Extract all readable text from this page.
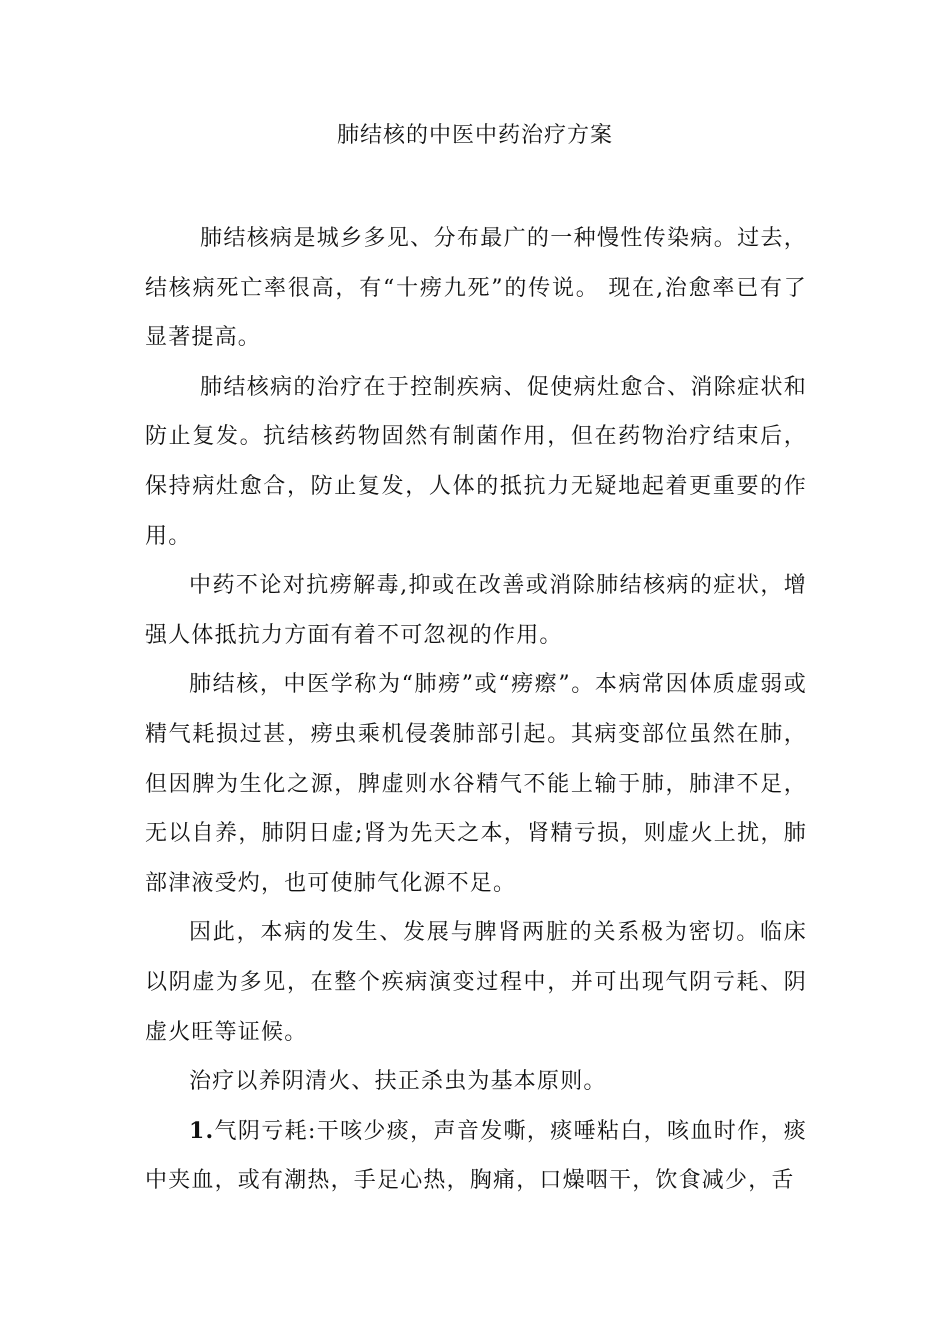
肺结核的中医中药治疗方案

肺结核病是城乡多见、分布最广的一种慢性传染病。过去，结核病死亡率很高，有“十痨九死”的传说。 现在,治愈率已有了显著提高。

肺结核病的治疗在于控制疾病、促使病灶愈合、消除症状和防止复发。抗结核药物固然有制菌作用，但在药物治疗结束后，保持病灶愈合，防止复发，人体的抵抗力无疑地起着更重要的作用。

中药不论对抗痨解毒,抑或在改善或消除肺结核病的症状，增强人体抵抗力方面有着不可忽视的作用。

肺结核，中医学称为“肺痨”或“痨瘵”。本病常因体质虚弱或精气耗损过甚，痨虫乘机侵袭肺部引起。其病变部位虽然在肺，但因脾为生化之源，脾虚则水谷精气不能上输于肺，肺津不足，无以自养，肺阴日虚;肾为先天之本，肾精亏损，则虚火上扰，肺部津液受灼，也可使肺气化源不足。

因此，本病的发生、发展与脾肾两脏的关系极为密切。临床以阴虚为多见，在整个疾病演变过程中，并可出现气阴亏耗、阴虚火旺等证候。

治疗以养阴清火、扶正杀虫为基本原则。

1.气阴亏耗:干咳少痰，声音发嘶，痰唾粘白，咳血时作，痰中夹血，或有潮热，手足心热，胸痛，口燥咽干，饮食减少，舌
